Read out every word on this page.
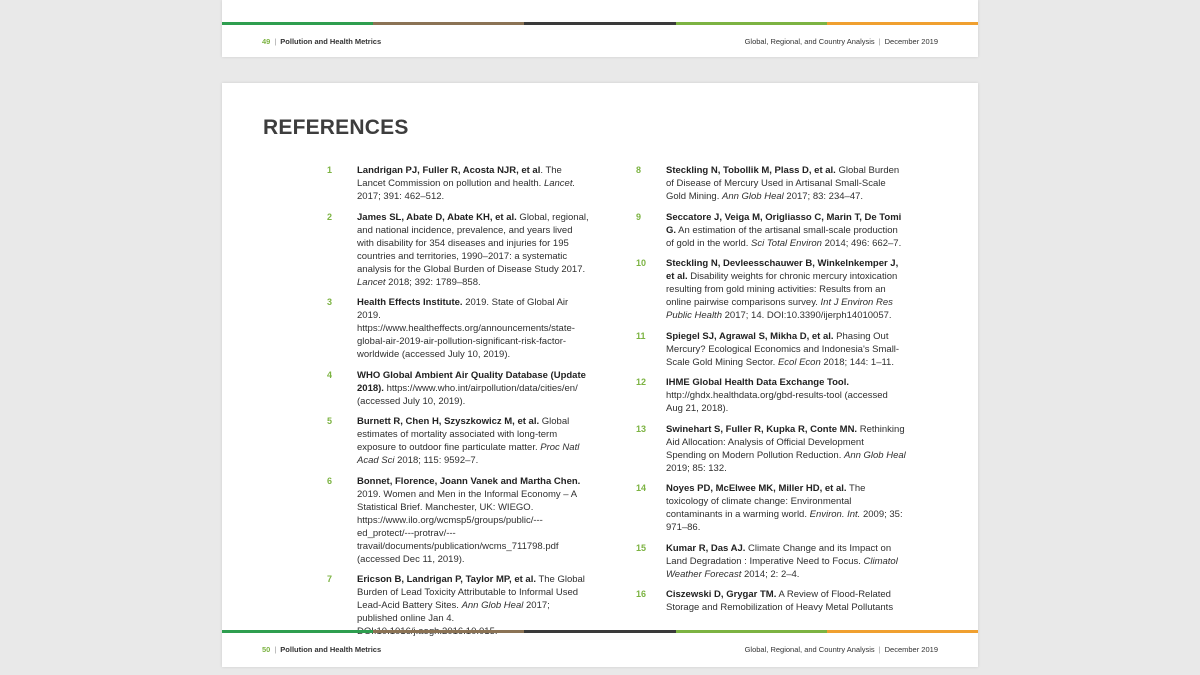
49 | Pollution and Health Metrics	Global, Regional, and Country Analysis | December 2019
REFERENCES
1	Landrigan PJ, Fuller R, Acosta NJR, et al. The Lancet Commission on pollution and health. Lancet. 2017; 391: 462–512.
2	James SL, Abate D, Abate KH, et al. Global, regional, and national incidence, prevalence, and years lived with disability for 354 diseases and injuries for 195 countries and territories, 1990–2017: a systematic analysis for the Global Burden of Disease Study 2017. Lancet 2018; 392: 1789–858.
3	Health Effects Institute. 2019. State of Global Air 2019. https://www.healtheffects.org/announcements/state-global-air-2019-air-pollution-significant-risk-factor-worldwide (accessed July 10, 2019).
4	WHO Global Ambient Air Quality Database (Update 2018). https://www.who.int/airpollution/data/cities/en/ (accessed July 10, 2019).
5	Burnett R, Chen H, Szyszkowicz M, et al. Global estimates of mortality associated with long-term exposure to outdoor fine particulate matter. Proc Natl Acad Sci 2018; 115: 9592–7.
6	Bonnet, Florence, Joann Vanek and Martha Chen. 2019. Women and Men in the Informal Economy – A Statistical Brief. Manchester, UK: WIEGO. https://www.ilo.org/wcmsp5/groups/public/---ed_protect/---protrav/---travail/documents/publication/wcms_711798.pdf (accessed Dec 11, 2019).
7	Ericson B, Landrigan P, Taylor MP, et al. The Global Burden of Lead Toxicity Attributable to Informal Used Lead-Acid Battery Sites. Ann Glob Heal 2017; published online Jan 4.
8	Steckling N, Tobollik M, Plass D, et al. Global Burden of Disease of Mercury Used in Artisanal Small-Scale Gold Mining. Ann Glob Heal 2017; 83: 234–47.
9	Seccatore J, Veiga M, Origliasso C, Marin T, De Tomi G. An estimation of the artisanal small-scale production of gold in the world. Sci Total Environ 2014; 496: 662–7.
10	Steckling N, Devleesschauwer B, Winkelnkemper J, et al. Disability weights for chronic mercury intoxication resulting from gold mining activities: Results from an online pairwise comparisons survey. Int J Environ Res Public Health 2017; 14. DOI:10.3390/ijerph14010057.
11	Spiegel SJ, Agrawal S, Mikha D, et al. Phasing Out Mercury? Ecological Economics and Indonesia's Small-Scale Gold Mining Sector. Ecol Econ 2018; 144: 1–11.
12	IHME Global Health Data Exchange Tool. http://ghdx.healthdata.org/gbd-results-tool (accessed Aug 21, 2018).
13	Swinehart S, Fuller R, Kupka R, Conte MN. Rethinking Aid Allocation: Analysis of Official Development Spending on Modern Pollution Reduction. Ann Glob Heal 2019; 85: 132.
14	Noyes PD, McElwee MK, Miller HD, et al. The toxicology of climate change: Environmental contaminants in a warming world. Environ. Int. 2009; 35: 971–86.
15	Kumar R, Das AJ. Climate Change and its Impact on Land Degradation : Imperative Need to Focus. Climatol Weather Forecast 2014; 2: 2–4.
16	Ciszewski D, Grygar TM. A Review of Flood-Related Storage and Remobilization of Heavy Metal Pollutants
50 | Pollution and Health Metrics	Global, Regional, and Country Analysis | December 2019
